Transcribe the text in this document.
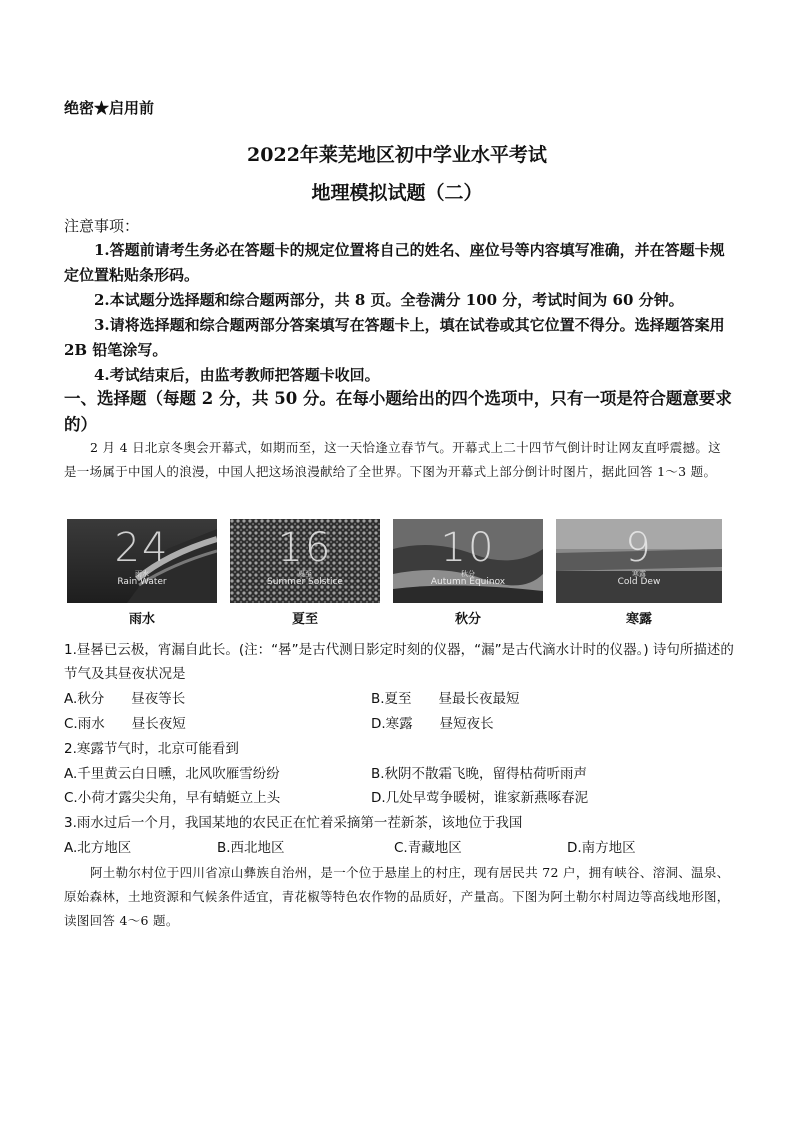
绝密★启用前
2022年莱芜地区初中学业水平考试
地理模拟试题（二）
注意事项：
1.答题前请考生务必在答题卡的规定位置将自己的姓名、座位号等内容填写准确，并在答题卡规定位置粘贴条形码。
2.本试题分选择题和综合题两部分，共 8 页。全卷满分 100 分，考试时间为 60 分钟。
3.请将选择题和综合题两部分答案填写在答题卡上，填在试卷或其它位置不得分。选择题答案用 2B 铅笔涂写。
4.考试结束后，由监考教师把答题卡收回。
一、选择题（每题 2 分，共 50 分。在每小题给出的四个选项中，只有一项是符合题意要求的）
2 月 4 日北京冬奥会开幕式，如期而至，这一天恰逢立春节气。开幕式上二十四节气倒计时让网友直呼震撼。这是一场属于中国人的浪漫，中国人把这场浪漫献给了全世界。下图为开幕式上部分倒计时图片，据此回答 1～3 题。
24
雨水
Rain Water
16
夏至
Summer Solstice
10
秋分
Autumn Equinox
9
寒露
Cold Dew
雨水	夏至	秋分	寒露
1.昼晷已云极，宵漏自此长。(注：“晷”是古代测日影定时刻的仪器，“漏”是古代滴水计时的仪器。) 诗句所描述的节气及其昼夜状况是
A.秋分　　昼夜等长	B.夏至　　昼最长夜最短
C.雨水　　昼长夜短	D.寒露　　昼短夜长
2.寒露节气时，北京可能看到
A.千里黄云白日曛，北风吹雁雪纷纷	B.秋阴不散霜飞晚，留得枯荷听雨声
C.小荷才露尖尖角，早有蜻蜓立上头	D.几处早莺争暖树，谁家新燕啄春泥
3.雨水过后一个月，我国某地的农民正在忙着采摘第一茬新茶，该地位于我国
A.北方地区	B.西北地区	C.青藏地区	D.南方地区
阿土勒尔村位于四川省凉山彝族自治州，是一个位于悬崖上的村庄，现有居民共 72 户，拥有峡谷、溶洞、温泉、原始森林，土地资源和气候条件适宜，青花椒等特色农作物的品质好，产量高。下图为阿土勒尔村周边等高线地形图，读图回答 4～6 题。
